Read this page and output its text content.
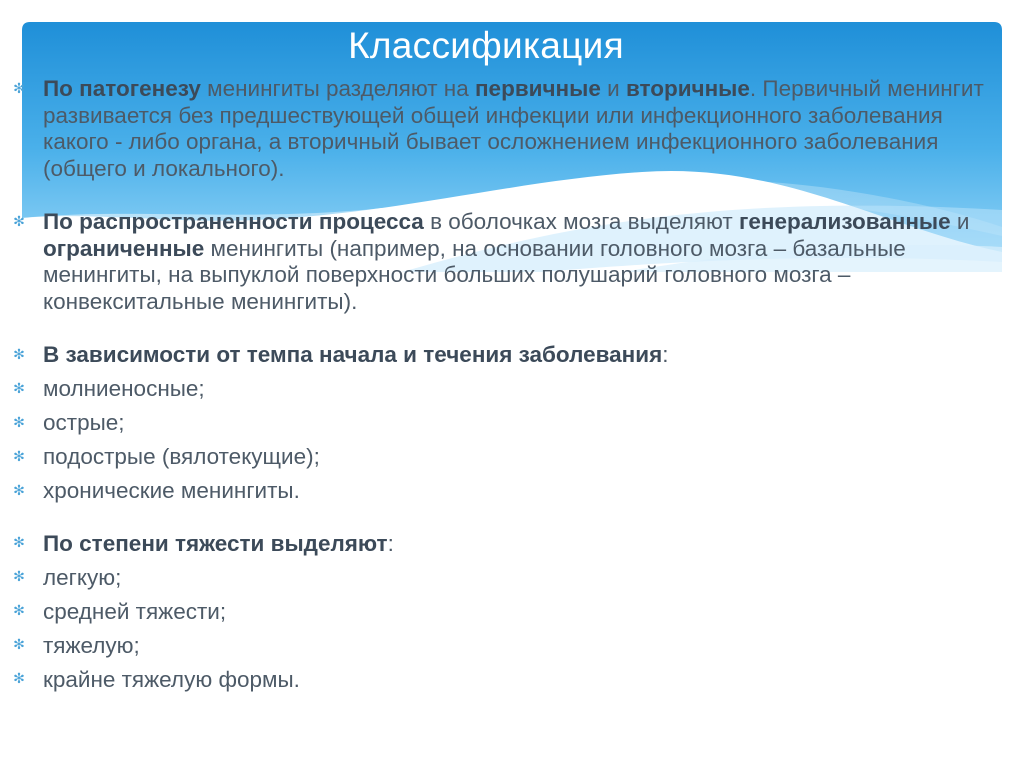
Классификация

✻ По патогенезу менингиты разделяют на первичные и вторичные. Первичный менингит развивается без предшествующей общей инфекции или инфекционного заболевания какого - либо органа, а вторичный бывает осложнением инфекционного заболевания (общего и локального).

✻ По распространенности процесса в оболочках мозга выделяют генерализованные и ограниченные менингиты (например, на основании головного мозга – базальные менингиты, на выпуклой поверхности больших полушарий головного мозга – конвекситальные менингиты).

✻ В зависимости от темпа начала и течения заболевания:

✻ молниеносные;

✻ острые;

✻ подострые (вялотекущие);

✻ хронические менингиты.

✻ По степени тяжести выделяют:

✻ легкую;

✻ средней тяжести;

✻ тяжелую;

✻ крайне тяжелую формы.
